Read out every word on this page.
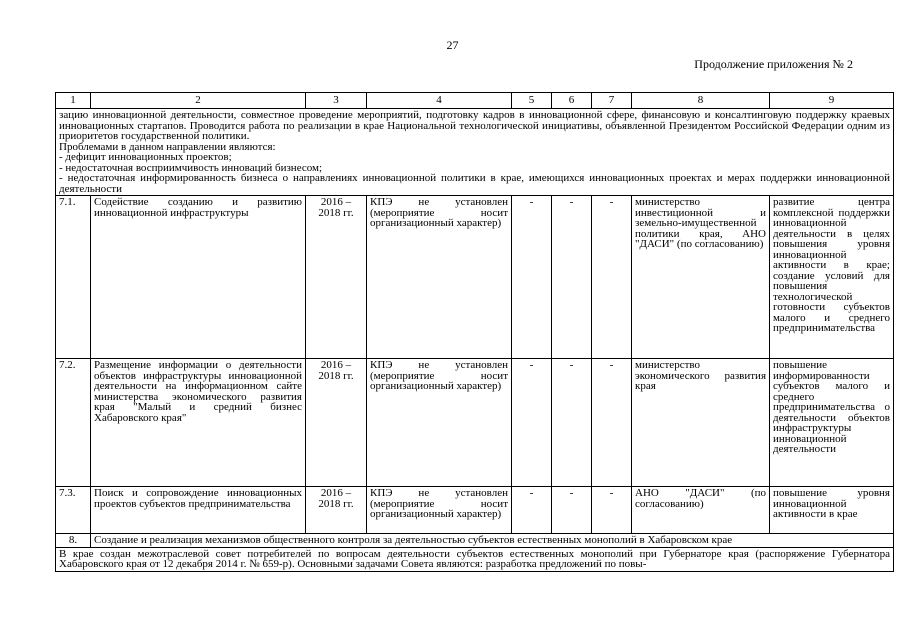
27
Продолжение приложения № 2
1	2	3	4	5	6	7	8	9

зацию инновационной деятельности, совместное проведение мероприятий, подготовку кадров в инновационной сфере, финансовую и консалтинговую поддержку краевых инновационных стартапов. Проводится работа по реализации в крае Национальной технологической инициативы, объявленной Президентом Российской Федерации одним из приоритетов государственной политики.
Проблемами в данном направлении являются:
- дефицит инновационных проектов;
- недостаточная восприимчивость инноваций бизнесом;
- недостаточная информированность бизнеса о направлениях инновационной политики в крае, имеющихся инновационных проектах и мерах поддержки инновационной деятельности								

7.1.	Содействие созданию и развитию инновационной инфраструктуры	2016 – 2018 гг.	КПЭ не установлен (мероприятие носит организационный характер)	-	-	-	министерство инвестиционной и земельно-имущественной политики края, АНО "ДАСИ" (по согласованию)	развитие центра комплексной поддержки инновационной деятельности в целях повышения уровня инновационной активности в крае; создание условий для повышения технологической готовности субъектов малого и среднего предпринимательства
7.2.	Размещение информации о деятельности объектов инфраструктуры инновационной деятельности на информационном сайте министерства экономического развития края "Малый и средний бизнес Хабаровского края"	2016 – 2018 гг.	КПЭ не установлен (мероприятие носит организационный характер)	-	-	-	министерство экономического развития края	повышение информированности субъектов малого и среднего предпринимательства о деятельности объектов инфраструктуры инновационной деятельности
7.3.	Поиск и сопровождение инновационных проектов субъектов предпринимательства	2016 – 2018 гг.	КПЭ не установлен (мероприятие носит организационный характер)	-	-	-	АНО "ДАСИ" (по согласованию)	повышение уровня инновационной активности в крае
8.	Создание и реализация механизмов общественного контроля за деятельностью субъектов естественных монополий в Хабаровском крае							
В крае создан межотраслевой совет потребителей по вопросам деятельности субъектов естественных монополий при Губернаторе края (распоряжение Губернатора Хабаровского края от 12 декабря 2014 г. № 659-р). Основными задачами Совета являются: разработка предложений по повы-								
